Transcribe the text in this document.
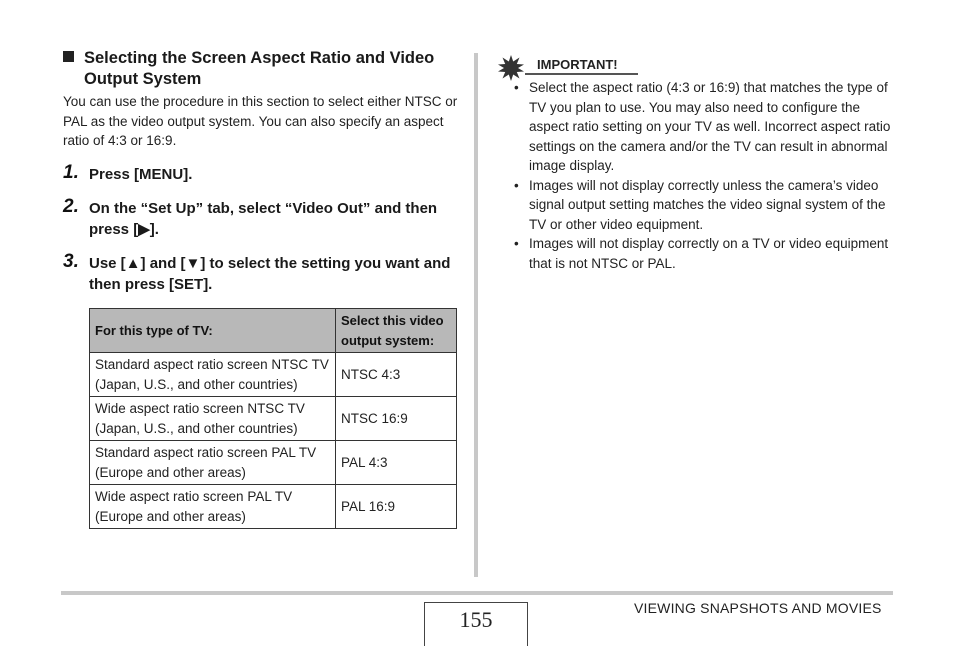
Selecting the Screen Aspect Ratio and Video Output System
You can use the procedure in this section to select either NTSC or PAL as the video output system. You can also specify an aspect ratio of 4:3 or 16:9.
1. Press [MENU].
2. On the “Set Up” tab, select “Video Out” and then press [▶].
3. Use [▲] and [▼] to select the setting you want and then press [SET].
For this type of TV:	Select this video output system:
Standard aspect ratio screen NTSC TV (Japan, U.S., and other countries)	NTSC 4:3
Wide aspect ratio screen NTSC TV (Japan, U.S., and other countries)	NTSC 16:9
Standard aspect ratio screen PAL TV (Europe and other areas)	PAL 4:3
Wide aspect ratio screen PAL TV (Europe and other areas)	PAL 16:9
IMPORTANT!
• Select the aspect ratio (4:3 or 16:9) that matches the type of TV you plan to use. You may also need to configure the aspect ratio setting on your TV as well. Incorrect aspect ratio settings on the camera and/or the TV can result in abnormal image display.
• Images will not display correctly unless the camera’s video signal output setting matches the video signal system of the TV or other video equipment.
• Images will not display correctly on a TV or video equipment that is not NTSC or PAL.
155	VIEWING SNAPSHOTS AND MOVIES
